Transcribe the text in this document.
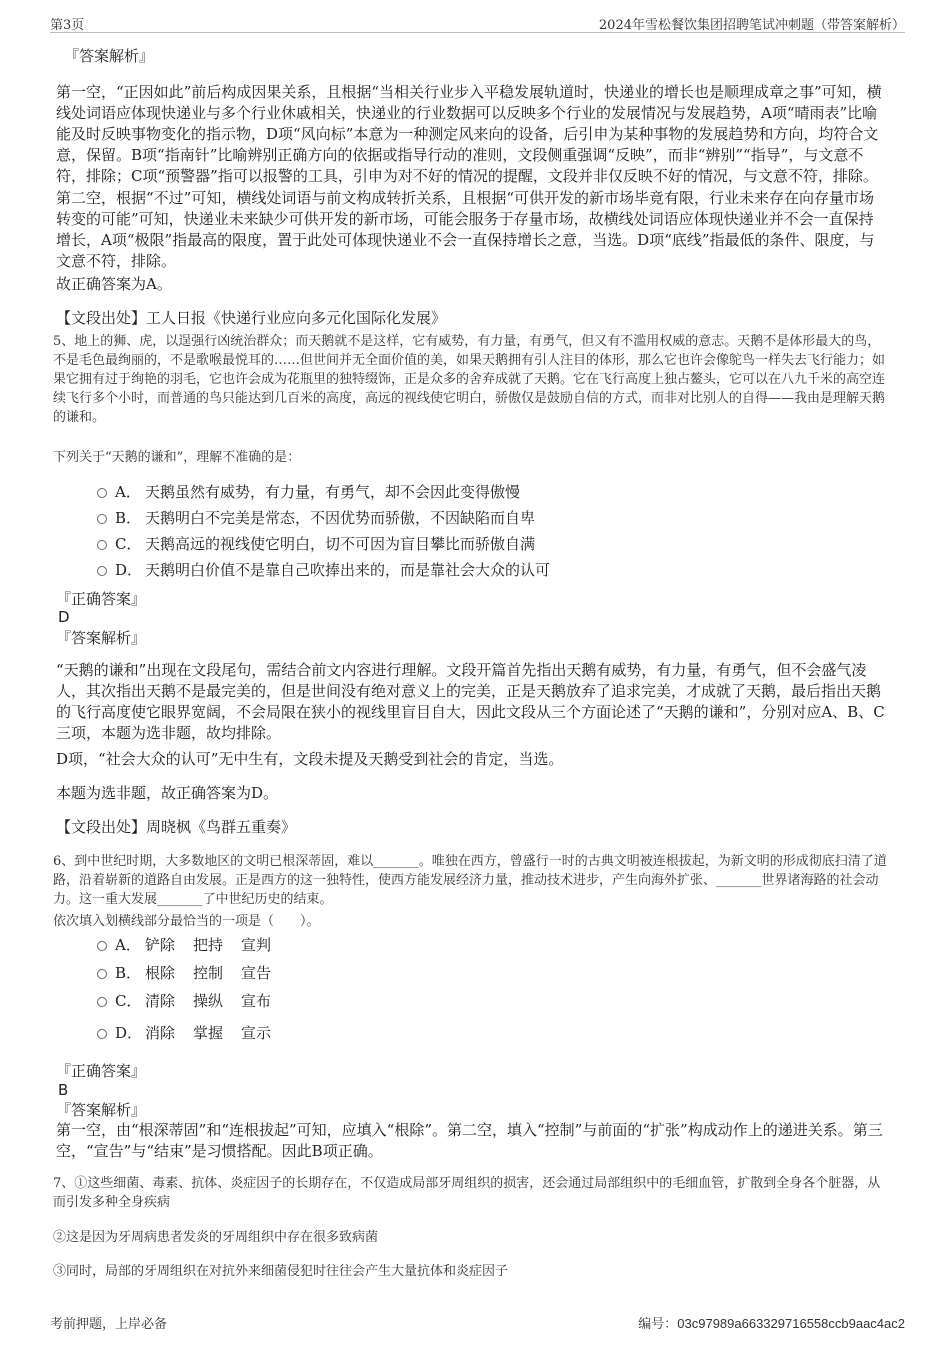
第3页	2024年雪松餐饮集团招聘笔试冲刺题（带答案解析）

『答案解析』

第一空，“正因如此”前后构成因果关系，且根据“当相关行业步入平稳发展轨道时，快递业的增长也是顺理成章之事”可知，横线处词语应体现快递业与多个行业休戚相关，快递业的行业数据可以反映多个行业的发展情况与发展趋势，A项“晴雨表”比喻能及时反映事物变化的指示物，D项“风向标”本意为一种测定风来向的设备，后引申为某种事物的发展趋势和方向，均符合文意，保留。B项“指南针”比喻辨别正确方向的依据或指导行动的准则，文段侧重强调“反映”，而非“辨别”“指导”，与文意不符，排除；C项“预警器”指可以报警的工具，引申为对不好的情况的提醒，文段并非仅反映不好的情况，与文意不符，排除。

第二空，根据“不过”可知，横线处词语与前文构成转折关系，且根据“可供开发的新市场毕竟有限，行业未来存在向存量市场转变的可能”可知，快递业未来缺少可供开发的新市场，可能会服务于存量市场，故横线处词语应体现快递业并不会一直保持增长，A项“极限”指最高的限度，置于此处可体现快递业不会一直保持增长之意，当选。D项“底线”指最低的条件、限度，与文意不符，排除。

故正确答案为A。

【文段出处】工人日报《快递行业应向多元化国际化发展》

5、地上的狮、虎，以逞强行凶统治群众；而天鹅就不是这样，它有威势，有力量，有勇气，但又有不滥用权威的意志。天鹅不是体形最大的鸟，不是毛色最绚丽的，不是歌喉最悦耳的……但世间并无全面价值的美，如果天鹅拥有引人注目的体形，那么它也许会像鸵鸟一样失去飞行能力；如果它拥有过于绚艳的羽毛，它也许会成为花瓶里的独特缀饰，正是众多的舍弃成就了天鹅。它在飞行高度上独占鳌头，它可以在八九千米的高空连续飞行多个小时，而普通的鸟只能达到几百米的高度，高远的视线使它明白，骄傲仅是鼓励自信的方式，而非对比别人的自得——我由是理解天鹅的谦和。

下列关于“天鹅的谦和”，理解不准确的是：

A． 天鹅虽然有威势，有力量，有勇气，却不会因此变得傲慢
B． 天鹅明白不完美是常态，不因优势而骄傲，不因缺陷而自卑
C． 天鹅高远的视线使它明白，切不可因为盲目攀比而骄傲自满
D． 天鹅明白价值不是靠自己吹捧出来的，而是靠社会大众的认可

『正确答案』

D

『答案解析』

“天鹅的谦和”出现在文段尾句，需结合前文内容进行理解。文段开篇首先指出天鹅有威势，有力量，有勇气，但不会盛气凌人，其次指出天鹅不是最完美的，但是世间没有绝对意义上的完美，正是天鹅放弃了追求完美，才成就了天鹅，最后指出天鹅的飞行高度使它眼界宽阔，不会局限在狭小的视线里盲目自大，因此文段从三个方面论述了“天鹅的谦和”，分别对应A、B、C三项，本题为选非题，故均排除。

D项，“社会大众的认可”无中生有，文段未提及天鹅受到社会的肯定，当选。

本题为选非题，故正确答案为D。

【文段出处】周晓枫《鸟群五重奏》

6、到中世纪时期，大多数地区的文明已根深蒂固，难以_______。唯独在西方，曾盛行一时的古典文明被连根拔起，为新文明的形成彻底扫清了道路，沿着崭新的道路自由发展。正是西方的这一独特性，使西方能发展经济力量，推动技术进步，产生向海外扩张、_______世界诸海路的社会动力。这一重大发展_______了中世纪历史的结束。

依次填入划横线部分最恰当的一项是（　　）。

A． 铲除 把持 宣判
B． 根除 控制 宣告
C． 清除 操纵 宣布
D． 消除 掌握 宣示

『正确答案』

B

『答案解析』

第一空，由“根深蒂固”和“连根拔起”可知，应填入“根除”。第二空，填入“控制”与前面的“扩张”构成动作上的递进关系。第三空，“宣告”与“结束”是习惯搭配。因此B项正确。

7、①这些细菌、毒素、抗体、炎症因子的长期存在，不仅造成局部牙周组织的损害，还会通过局部组织中的毛细血管，扩散到全身各个脏器，从而引发多种全身疾病

②这是因为牙周病患者发炎的牙周组织中存在很多致病菌

③同时，局部的牙周组织在对抗外来细菌侵犯时往往会产生大量抗体和炎症因子

考前押题，上岸必备	编号：03c97989a663329716558ccb9aac4ac2
